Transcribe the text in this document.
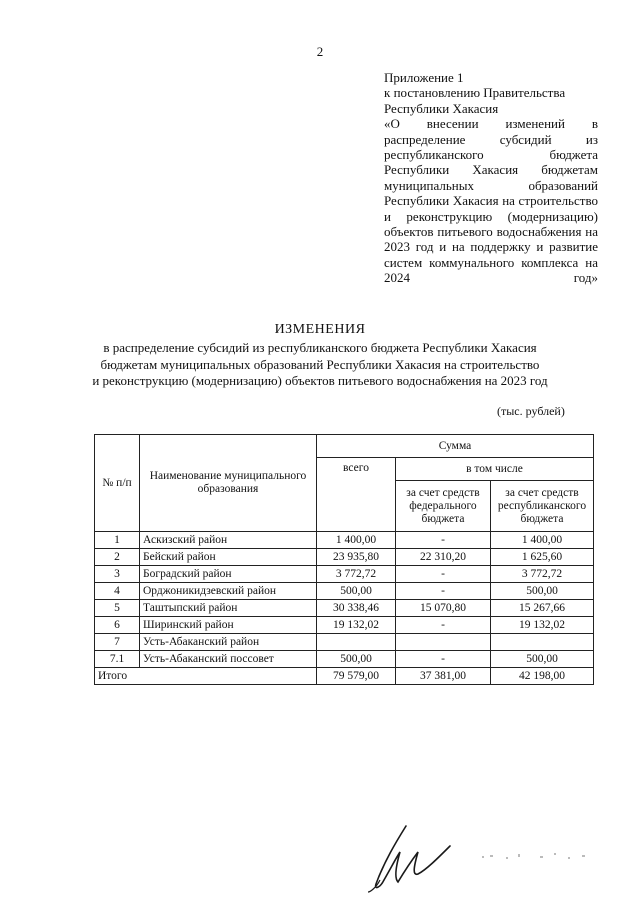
2
Приложение 1
к постановлению Правительства
Республики Хакасия
«О внесении изменений в распределение субсидий из республиканского бюджета Республики Хакасия бюджетам муниципальных образований Республики Хакасия на строительство и реконструкцию (модернизацию) объектов питьевого водоснабжения на 2023 год и на поддержку и развитие систем коммунального комплекса на 2024 год»
ИЗМЕНЕНИЯ
в распределение субсидий из республиканского бюджета Республики Хакасия
бюджетам муниципальных образований Республики Хакасия на строительство
и реконструкцию (модернизацию) объектов питьевого водоснабжения на 2023 год
(тыс. рублей)
№ п/п	Наименование муниципального образования	Сумма		
		всего	в том числе	
			за счет средств федерального бюджета	за счет средств республиканского бюджета
1	Аскизский район	1 400,00	-	1 400,00
2	Бейский район	23 935,80	22 310,20	1 625,60
3	Боградский район	3 772,72	-	3 772,72
4	Орджоникидзевский район	500,00	-	500,00
5	Таштыпский район	30 338,46	15 070,80	15 267,66
6	Ширинский район	19 132,02	-	19 132,02
7	Усть-Абаканский район			
7.1	Усть-Абаканский поссовет	500,00	-	500,00
Итого		79 579,00	37 381,00	42 198,00
